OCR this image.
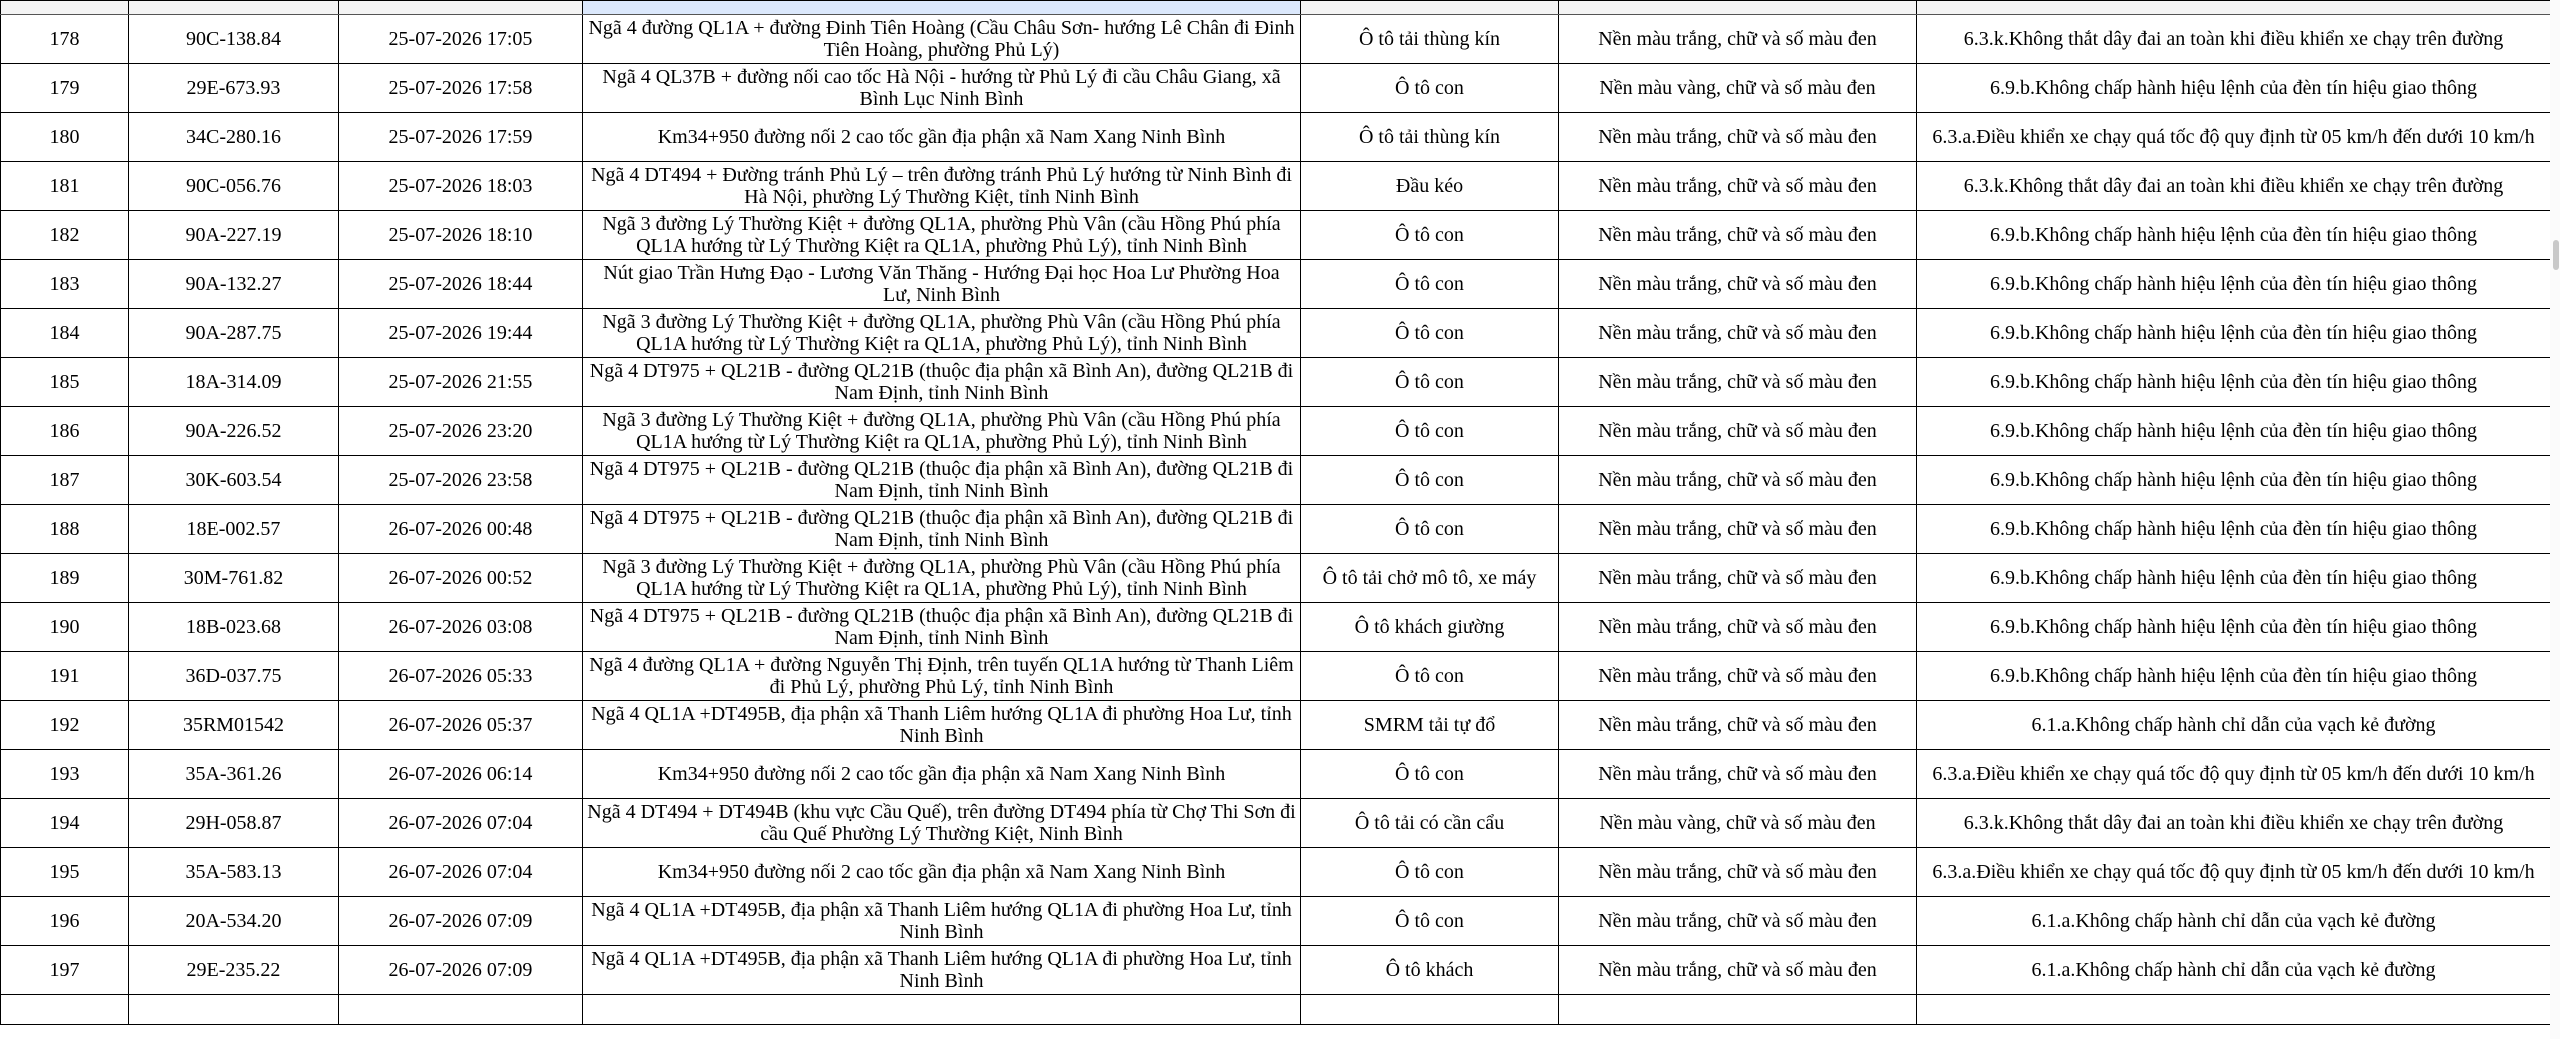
178	90C-138.84	25-07-2026 17:05	Ngã 4 đường QL1A + đường Đinh Tiên Hoàng (Cầu Châu Sơn- hướng Lê Chân đi Đinh Tiên Hoàng, phường Phủ Lý)	Ô tô tải thùng kín	Nền màu trắng, chữ và số màu đen	6.3.k.Không thắt dây đai an toàn khi điều khiển xe chạy trên đường
179	29E-673.93	25-07-2026 17:58	Ngã 4 QL37B + đường nối cao tốc Hà Nội - hướng từ Phủ Lý đi cầu Châu Giang, xã Bình Lục Ninh Bình	Ô tô con	Nền màu vàng, chữ và số màu đen	6.9.b.Không chấp hành hiệu lệnh của đèn tín hiệu giao thông
180	34C-280.16	25-07-2026 17:59	Km34+950 đường nối 2 cao tốc gần địa phận xã Nam Xang Ninh Bình	Ô tô tải thùng kín	Nền màu trắng, chữ và số màu đen	6.3.a.Điều khiển xe chạy quá tốc độ quy định từ 05 km/h đến dưới 10 km/h
181	90C-056.76	25-07-2026 18:03	Ngã 4 DT494 + Đường tránh Phủ Lý – trên đường tránh Phủ Lý hướng từ Ninh Bình đi Hà Nội, phường Lý Thường Kiệt, tỉnh Ninh Bình	Đầu kéo	Nền màu trắng, chữ và số màu đen	6.3.k.Không thắt dây đai an toàn khi điều khiển xe chạy trên đường
182	90A-227.19	25-07-2026 18:10	Ngã 3 đường Lý Thường Kiệt + đường QL1A, phường Phù Vân (cầu Hồng Phú phía QL1A hướng từ Lý Thường Kiệt ra QL1A, phường Phủ Lý), tỉnh Ninh Bình	Ô tô con	Nền màu trắng, chữ và số màu đen	6.9.b.Không chấp hành hiệu lệnh của đèn tín hiệu giao thông
183	90A-132.27	25-07-2026 18:44	Nút giao Trần Hưng Đạo - Lương Văn Thăng - Hướng Đại học Hoa Lư Phường Hoa Lư, Ninh Bình	Ô tô con	Nền màu trắng, chữ và số màu đen	6.9.b.Không chấp hành hiệu lệnh của đèn tín hiệu giao thông
184	90A-287.75	25-07-2026 19:44	Ngã 3 đường Lý Thường Kiệt + đường QL1A, phường Phù Vân (cầu Hồng Phú phía QL1A hướng từ Lý Thường Kiệt ra QL1A, phường Phủ Lý), tỉnh Ninh Bình	Ô tô con	Nền màu trắng, chữ và số màu đen	6.9.b.Không chấp hành hiệu lệnh của đèn tín hiệu giao thông
185	18A-314.09	25-07-2026 21:55	Ngã 4 DT975 + QL21B - đường QL21B (thuộc địa phận xã Bình An), đường QL21B đi Nam Định, tỉnh Ninh Bình	Ô tô con	Nền màu trắng, chữ và số màu đen	6.9.b.Không chấp hành hiệu lệnh của đèn tín hiệu giao thông
186	90A-226.52	25-07-2026 23:20	Ngã 3 đường Lý Thường Kiệt + đường QL1A, phường Phù Vân (cầu Hồng Phú phía QL1A hướng từ Lý Thường Kiệt ra QL1A, phường Phủ Lý), tỉnh Ninh Bình	Ô tô con	Nền màu trắng, chữ và số màu đen	6.9.b.Không chấp hành hiệu lệnh của đèn tín hiệu giao thông
187	30K-603.54	25-07-2026 23:58	Ngã 4 DT975 + QL21B - đường QL21B (thuộc địa phận xã Bình An), đường QL21B đi Nam Định, tỉnh Ninh Bình	Ô tô con	Nền màu trắng, chữ và số màu đen	6.9.b.Không chấp hành hiệu lệnh của đèn tín hiệu giao thông
188	18E-002.57	26-07-2026 00:48	Ngã 4 DT975 + QL21B - đường QL21B (thuộc địa phận xã Bình An), đường QL21B đi Nam Định, tỉnh Ninh Bình	Ô tô con	Nền màu trắng, chữ và số màu đen	6.9.b.Không chấp hành hiệu lệnh của đèn tín hiệu giao thông
189	30M-761.82	26-07-2026 00:52	Ngã 3 đường Lý Thường Kiệt + đường QL1A, phường Phù Vân (cầu Hồng Phú phía QL1A hướng từ Lý Thường Kiệt ra QL1A, phường Phủ Lý), tỉnh Ninh Bình	Ô tô tải chở mô tô, xe máy	Nền màu trắng, chữ và số màu đen	6.9.b.Không chấp hành hiệu lệnh của đèn tín hiệu giao thông
190	18B-023.68	26-07-2026 03:08	Ngã 4 DT975 + QL21B - đường QL21B (thuộc địa phận xã Bình An), đường QL21B đi Nam Định, tỉnh Ninh Bình	Ô tô khách giường	Nền màu trắng, chữ và số màu đen	6.9.b.Không chấp hành hiệu lệnh của đèn tín hiệu giao thông
191	36D-037.75	26-07-2026 05:33	Ngã 4 đường QL1A + đường Nguyễn Thị Định, trên tuyến QL1A hướng từ Thanh Liêm đi Phủ Lý, phường Phủ Lý, tỉnh Ninh Bình	Ô tô con	Nền màu trắng, chữ và số màu đen	6.9.b.Không chấp hành hiệu lệnh của đèn tín hiệu giao thông
192	35RM01542	26-07-2026 05:37	Ngã 4 QL1A +DT495B, địa phận xã Thanh Liêm hướng QL1A đi phường Hoa Lư, tỉnh Ninh Bình	SMRM tải tự đổ	Nền màu trắng, chữ và số màu đen	6.1.a.Không chấp hành chỉ dẫn của vạch kẻ đường
193	35A-361.26	26-07-2026 06:14	Km34+950 đường nối 2 cao tốc gần địa phận xã Nam Xang Ninh Bình	Ô tô con	Nền màu trắng, chữ và số màu đen	6.3.a.Điều khiển xe chạy quá tốc độ quy định từ 05 km/h đến dưới 10 km/h
194	29H-058.87	26-07-2026 07:04	Ngã 4 DT494 + DT494B (khu vực Cầu Quế), trên đường DT494 phía từ Chợ Thi Sơn đi cầu Quế Phường Lý Thường Kiệt, Ninh Bình	Ô tô tải có cần cẩu	Nền màu vàng, chữ và số màu đen	6.3.k.Không thắt dây đai an toàn khi điều khiển xe chạy trên đường
195	35A-583.13	26-07-2026 07:04	Km34+950 đường nối 2 cao tốc gần địa phận xã Nam Xang Ninh Bình	Ô tô con	Nền màu trắng, chữ và số màu đen	6.3.a.Điều khiển xe chạy quá tốc độ quy định từ 05 km/h đến dưới 10 km/h
196	20A-534.20	26-07-2026 07:09	Ngã 4 QL1A +DT495B, địa phận xã Thanh Liêm hướng QL1A đi phường Hoa Lư, tỉnh Ninh Bình	Ô tô con	Nền màu trắng, chữ và số màu đen	6.1.a.Không chấp hành chỉ dẫn của vạch kẻ đường
197	29E-235.22	26-07-2026 07:09	Ngã 4 QL1A +DT495B, địa phận xã Thanh Liêm hướng QL1A đi phường Hoa Lư, tỉnh Ninh Bình	Ô tô khách	Nền màu trắng, chữ và số màu đen	6.1.a.Không chấp hành chỉ dẫn của vạch kẻ đường
